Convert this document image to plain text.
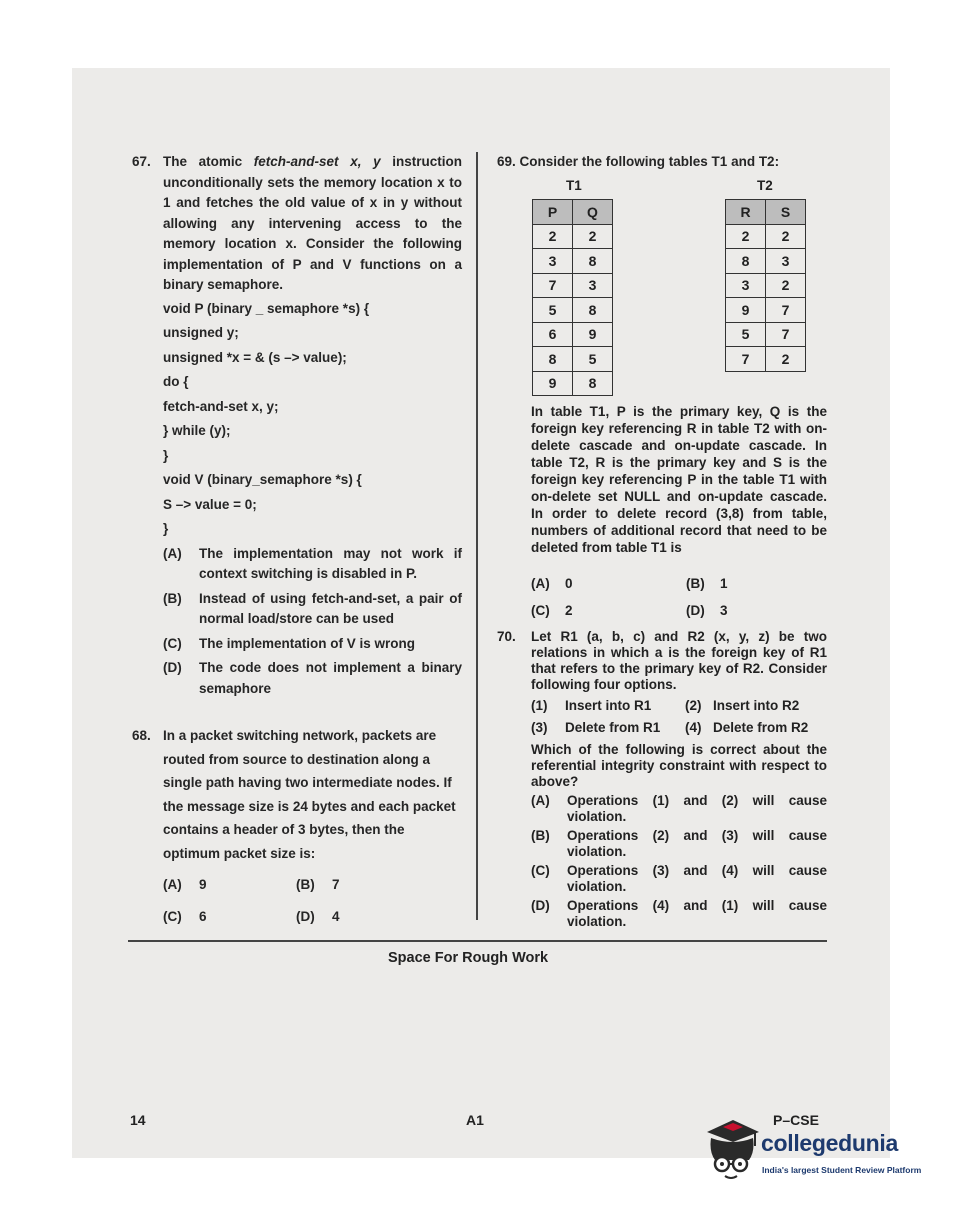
67. The atomic fetch-and-set x, y instruction unconditionally sets the memory location x to 1 and fetches the old value of x in y without allowing any intervening access to the memory location x. Consider the following implementation of P and V functions on a binary semaphore.
void P (binary _ semaphore *s) {
unsigned y;
unsigned *x = & (s –> value);
do {
fetch-and-set x, y;
} while (y);
}
void V (binary_semaphore *s) {
S –> value = 0;
}
(A)	The implementation may not work if context switching is disabled in P.
(B)	Instead of using fetch-and-set, a pair of normal load/store can be used
(C)	The implementation of V is wrong
(D)	The code does not implement a binary semaphore
68. In a packet switching network, packets are routed from source to destination along a single path having two intermediate nodes. If the message size is 24 bytes and each packet contains a header of 3 bytes, then the optimum packet size is:
(A) 9	(B) 7
(C) 6	(D) 4
69. Consider the following tables T1 and T2:
T1	T2
P	Q
2	2
3	8
7	3
5	8
6	9
8	5
9	8
R	S
2	2
8	3
3	2
9	7
5	7
7	2
In table T1, P is the primary key, Q is the foreign key referencing R in table T2 with on-delete cascade and on-update cascade. In table T2, R is the primary key and S is the foreign key referencing P in the table T1 with on-delete set NULL and on-update cascade. In order to delete record (3,8) from table, numbers of additional record that need to be deleted from table T1 is
(A) 0	(B) 1
(C) 2	(D) 3
70.	Let R1 (a, b, c) and R2 (x, y, z) be two relations in which a is the foreign key of R1 that refers to the primary key of R2. Consider following four options.
(1) Insert into R1 (2) Insert into R2
(3) Delete from R1 (4) Delete from R2
Which of the following is correct about the referential integrity constraint with respect to above?
(A)	Operations (1) and (2) will cause violation.
(B)	Operations (2) and (3) will cause violation.
(C)	Operations (3) and (4) will cause violation.
(D)	Operations (4) and (1) will cause violation.
Space For Rough Work
14	A1	P–CSE
collegedunia
India's largest Student Review Platform
